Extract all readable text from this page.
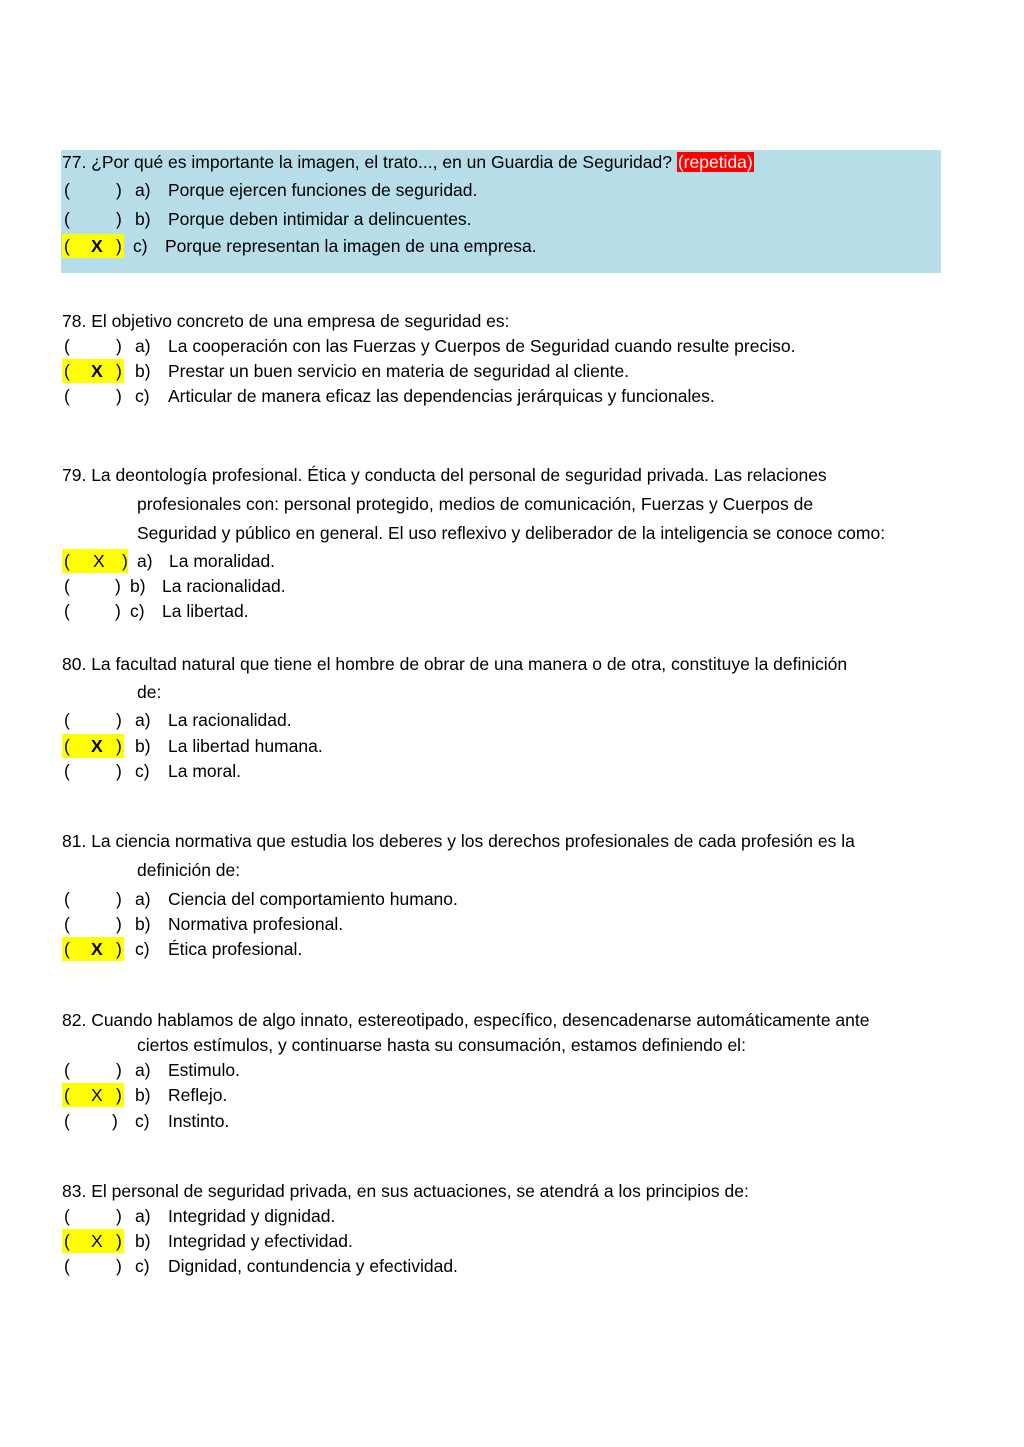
77. ¿Por qué es importante la imagen, el trato..., en un Guardia de Seguridad? (repetida)
(	) a) Porque ejercen funciones de seguridad.
(	) b) Porque deben intimidar a delincuentes.
( X ) c) Porque representan la imagen de una empresa.
78. El objetivo concreto de una empresa de seguridad es:
(	) a) La cooperación con las Fuerzas y Cuerpos de Seguridad cuando resulte preciso.
( X ) b) Prestar un buen servicio en materia de seguridad al cliente.
(	) c) Articular de manera eficaz las dependencias jerárquicas y funcionales.
79. La deontología profesional. Ética y conducta del personal de seguridad privada. Las relaciones
profesionales con: personal protegido, medios de comunicación, Fuerzas y Cuerpos de
Seguridad y público en general. El uso reflexivo y deliberador de la inteligencia se conoce como:
( X ) a) La moralidad.
(	) b) La racionalidad.
(	) c) La libertad.
80. La facultad natural que tiene el hombre de obrar de una manera o de otra, constituye la definición
de:
(	) a) La racionalidad.
( X ) b) La libertad humana.
(	) c) La moral.
81. La ciencia normativa que estudia los deberes y los derechos profesionales de cada profesión es la
definición de:
(	) a) Ciencia del comportamiento humano.
(	) b) Normativa profesional.
( X ) c) Ética profesional.
82. Cuando hablamos de algo innato, estereotipado, específico, desencadenarse automáticamente ante
ciertos estímulos, y continuarse hasta su consumación, estamos definiendo el:
(	) a) Estimulo.
( X ) b) Reflejo.
( ) c) Instinto.
83. El personal de seguridad privada, en sus actuaciones, se atendrá a los principios de:
(	) a) Integridad y dignidad.
( X ) b) Integridad y efectividad.
(	) c) Dignidad, contundencia y efectividad.
